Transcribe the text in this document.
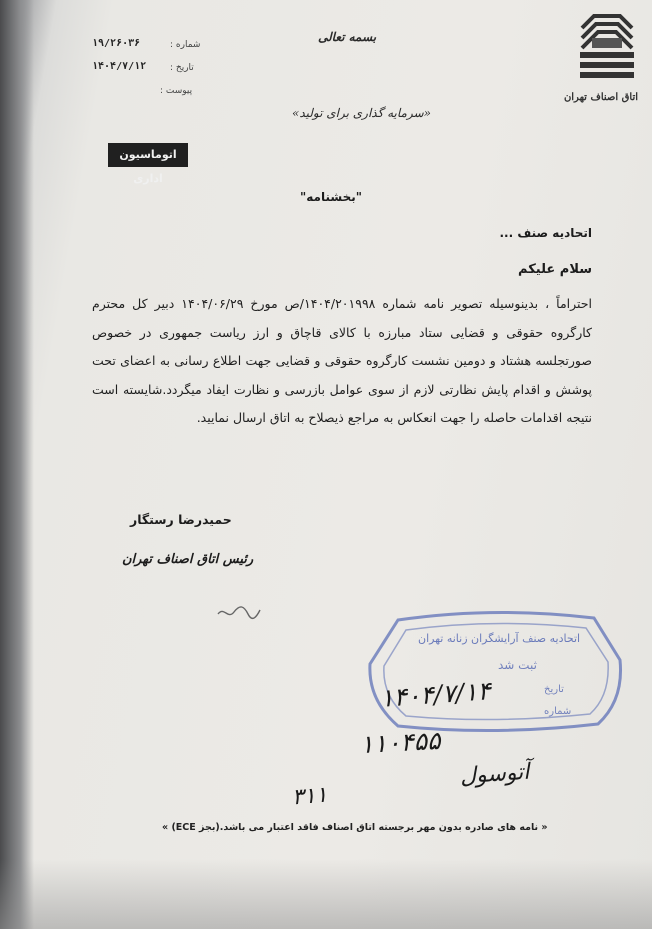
شماره :
۱۹/۲۶۰۳۶
تاریخ :
۱۴۰۴/۷/۱۲
پیوست :
بسمه تعالی
«سرمایه گذاری برای تولید»
اتاق اصناف تهران
اتوماسیون اداری
"بخشنامه"
اتحادیه صنف ...
سلام علیکم
احتراماً ، بدینوسیله تصویر نامه شماره ۱۴۰۴/۲۰۱۹۹۸/ص مورخ ۱۴۰۴/۰۶/۲۹ دبیر کل محترم کارگروه حقوقی و قضایی ستاد مبارزه با کالای قاچاق و ارز ریاست جمهوری در خصوص صورتجلسه هشتاد و دومین نشست کارگروه حقوقی و قضایی جهت اطلاع رسانی به اعضای تحت پوشش و اقدام پایش نظارتی لازم از سوی عوامل بازرسی و نظارت ایفاد میگردد.شایسته است نتیجه اقدامات حاصله را جهت انعکاس به مراجع ذیصلاح به اتاق ارسال نمایید.
حمیدرضا رستگار
رئیس اتاق اصناف تهران
اتحادیه صنف آرایشگران زنانه تهران
ثبت شد
تاریخ
شماره
۱۴۰۴/۷/۱۴
۱۱۰۴۵۵
آتوسول
۳۱۱
« نامه های صادره بدون مهر برجسته اتاق اصناف فاقد اعتبار می باشد.(بجز ECE) »
